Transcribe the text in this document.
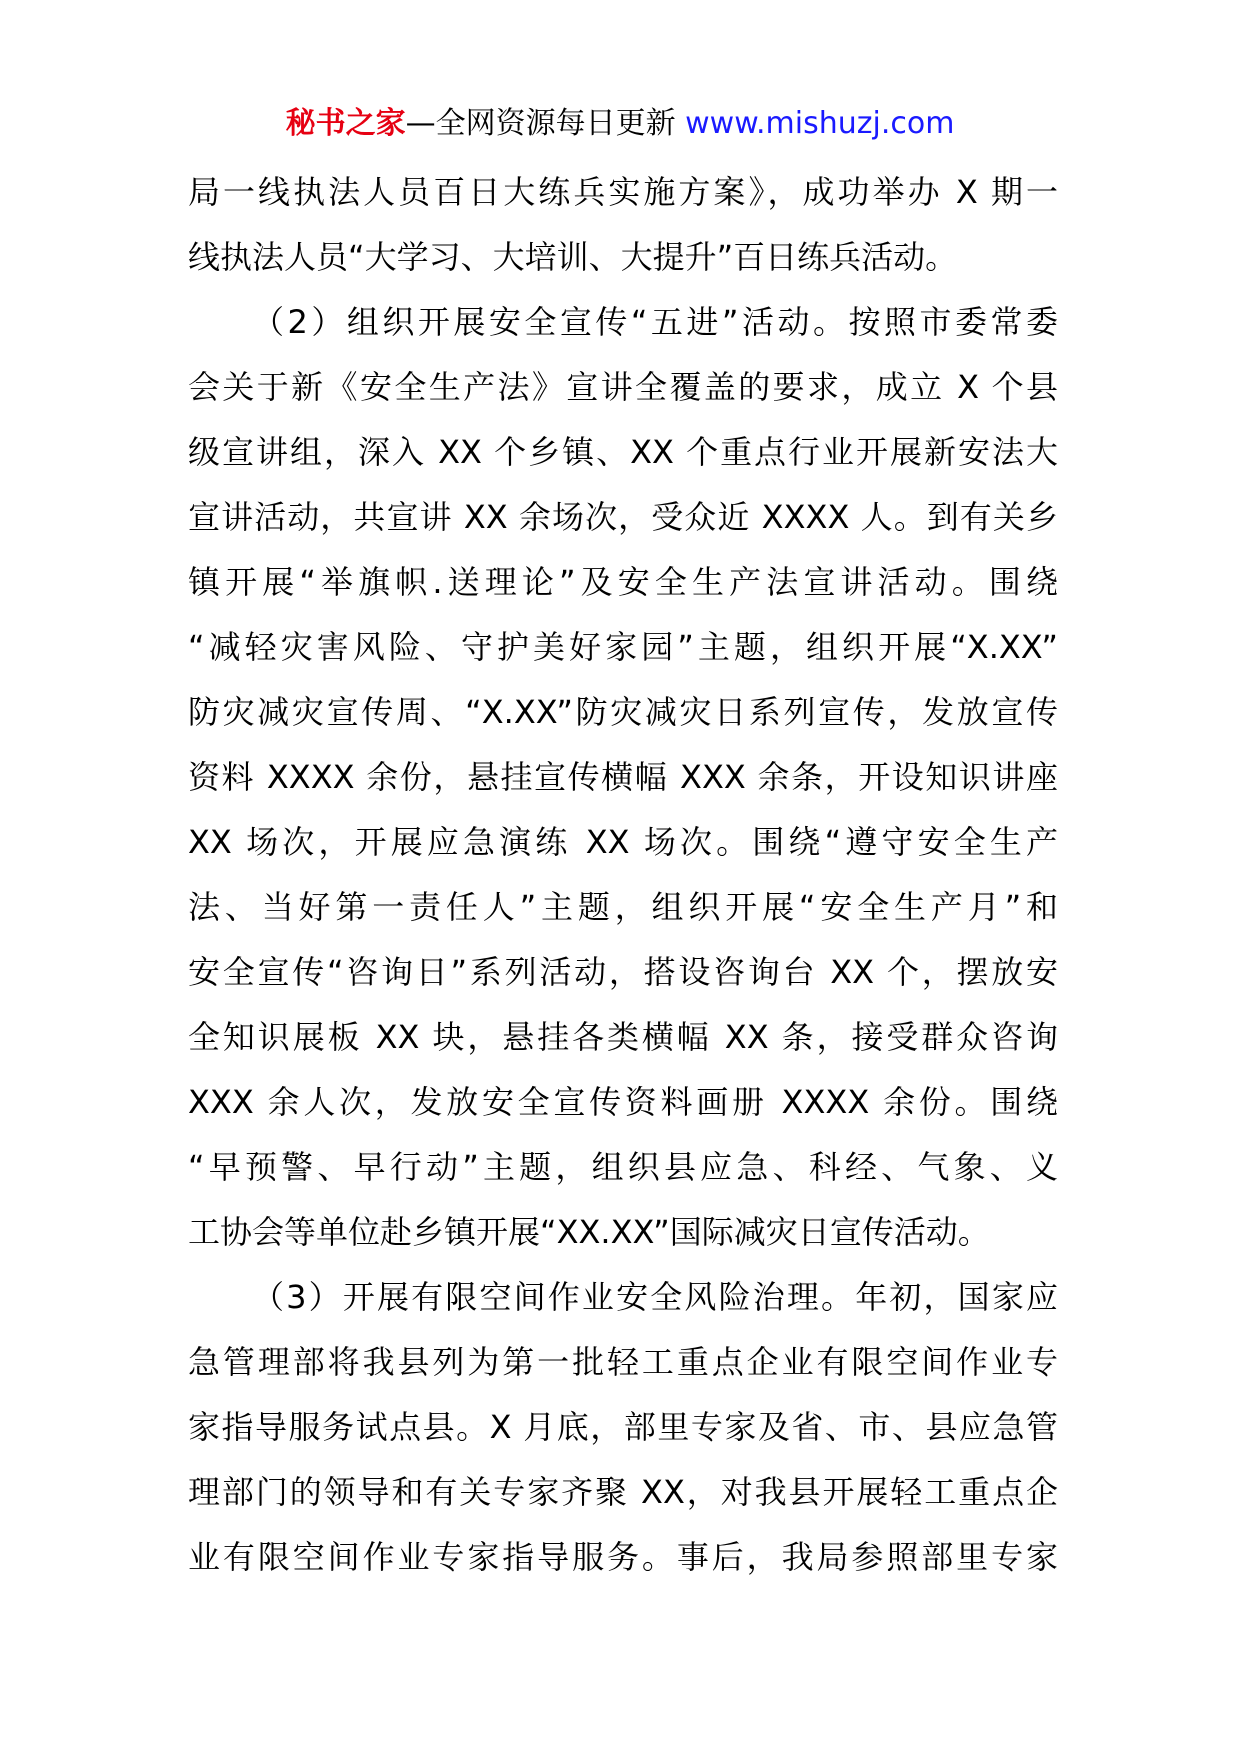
秘书之家—全网资源每日更新 www.mishuzj.com
局一线执法人员百日大练兵实施方案》，成功举办 X 期一
线执法人员“大学习、大培训、大提升”百日练兵活动。
（2）组织开展安全宣传“五进”活动。按照市委常委
会关于新《安全生产法》宣讲全覆盖的要求，成立 X 个县
级宣讲组，深入 XX 个乡镇、XX 个重点行业开展新安法大
宣讲活动，共宣讲 XX 余场次，受众近 XXXX 人。到有关乡
镇开展“举旗帜.送理论”及安全生产法宣讲活动。围绕
“减轻灾害风险、守护美好家园”主题，组织开展“X.XX”
防灾减灾宣传周、“X.XX”防灾减灾日系列宣传，发放宣传
资料 XXXX 余份，悬挂宣传横幅 XXX 余条，开设知识讲座
XX 场次，开展应急演练 XX 场次。围绕“遵守安全生产
法、当好第一责任人”主题，组织开展“安全生产月”和
安全宣传“咨询日”系列活动，搭设咨询台 XX 个，摆放安
全知识展板 XX 块，悬挂各类横幅 XX 条，接受群众咨询
XXX 余人次，发放安全宣传资料画册 XXXX 余份。围绕
“早预警、早行动”主题，组织县应急、科经、气象、义
工协会等单位赴乡镇开展“XX.XX”国际减灾日宣传活动。
（3）开展有限空间作业安全风险治理。年初，国家应
急管理部将我县列为第一批轻工重点企业有限空间作业专
家指导服务试点县。X 月底，部里专家及省、市、县应急管
理部门的领导和有关专家齐聚 XX，对我县开展轻工重点企
业有限空间作业专家指导服务。事后，我局参照部里专家
